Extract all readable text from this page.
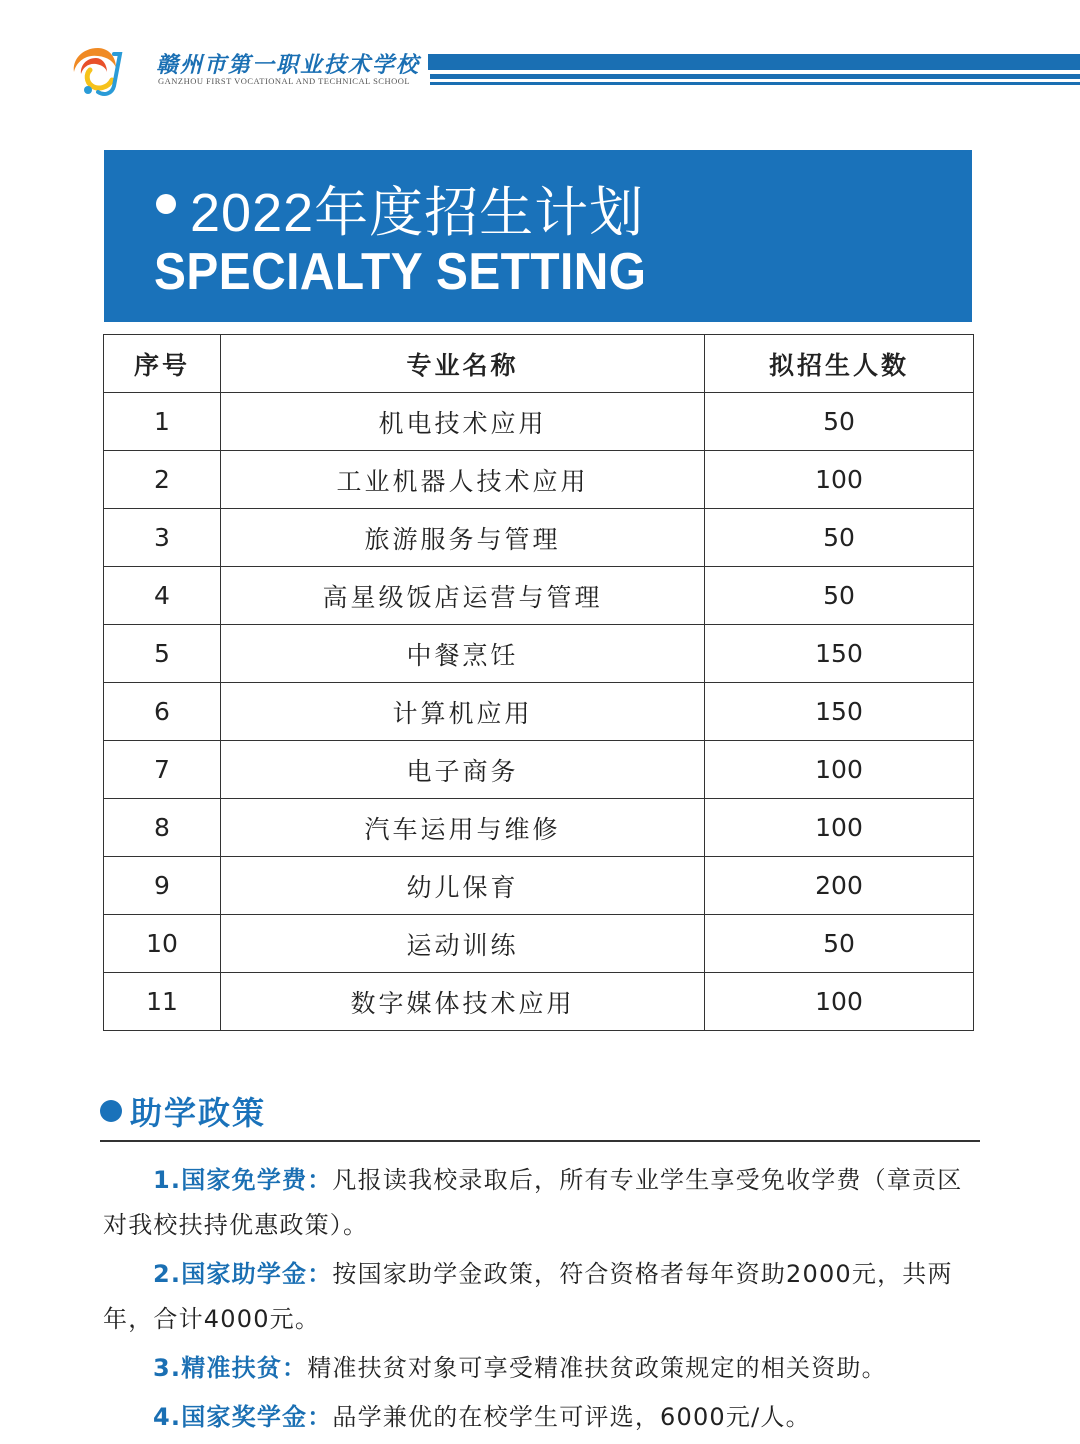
赣州市第一职业技术学校
GANZHOU FIRST VOCATIONAL AND TECHNICAL SCHOOL
2022年度招生计划
SPECIALTY SETTING
序号	专业名称	拟招生人数
1	机电技术应用	50
2	工业机器人技术应用	100
3	旅游服务与管理	50
4	高星级饭店运营与管理	50
5	中餐烹饪	150
6	计算机应用	150
7	电子商务	100
8	汽车运用与维修	100
9	幼儿保育	200
10	运动训练	50
11	数字媒体技术应用	100
助学政策

1.国家免学费：凡报读我校录取后，所有专业学生享受免收学费（章贡区对我校扶持优惠政策）。

2.国家助学金：按国家助学金政策，符合资格者每年资助2000元，共两年，合计4000元。

3.精准扶贫：精准扶贫对象可享受精准扶贫政策规定的相关资助。

4.国家奖学金：品学兼优的在校学生可评选，6000元/人。
